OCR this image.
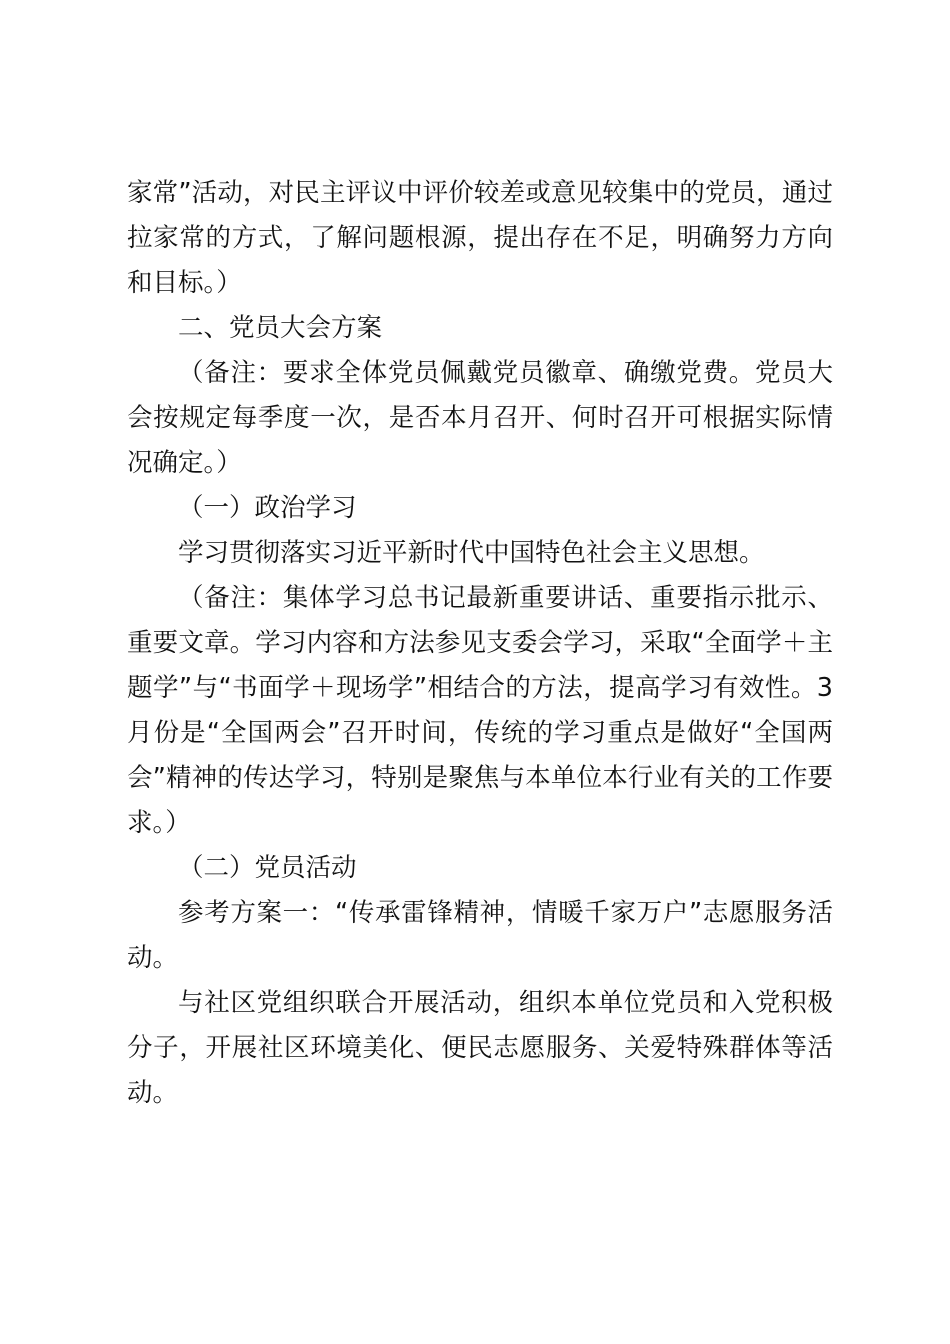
家常”活动，对民主评议中评价较差或意见较集中的党员，通过拉家常的方式，了解问题根源，提出存在不足，明确努力方向和目标。）

二、党员大会方案

（备注：要求全体党员佩戴党员徽章、确缴党费。党员大会按规定每季度一次，是否本月召开、何时召开可根据实际情况确定。）

（一）政治学习

学习贯彻落实习近平新时代中国特色社会主义思想。

（备注：集体学习总书记最新重要讲话、重要指示批示、重要文章。学习内容和方法参见支委会学习，采取“全面学＋主题学”与“书面学＋现场学”相结合的方法，提高学习有效性。3月份是“全国两会”召开时间，传统的学习重点是做好“全国两会”精神的传达学习，特别是聚焦与本单位本行业有关的工作要求。）

（二）党员活动

参考方案一：“传承雷锋精神，情暖千家万户”志愿服务活动。

与社区党组织联合开展活动，组织本单位党员和入党积极分子，开展社区环境美化、便民志愿服务、关爱特殊群体等活动。
